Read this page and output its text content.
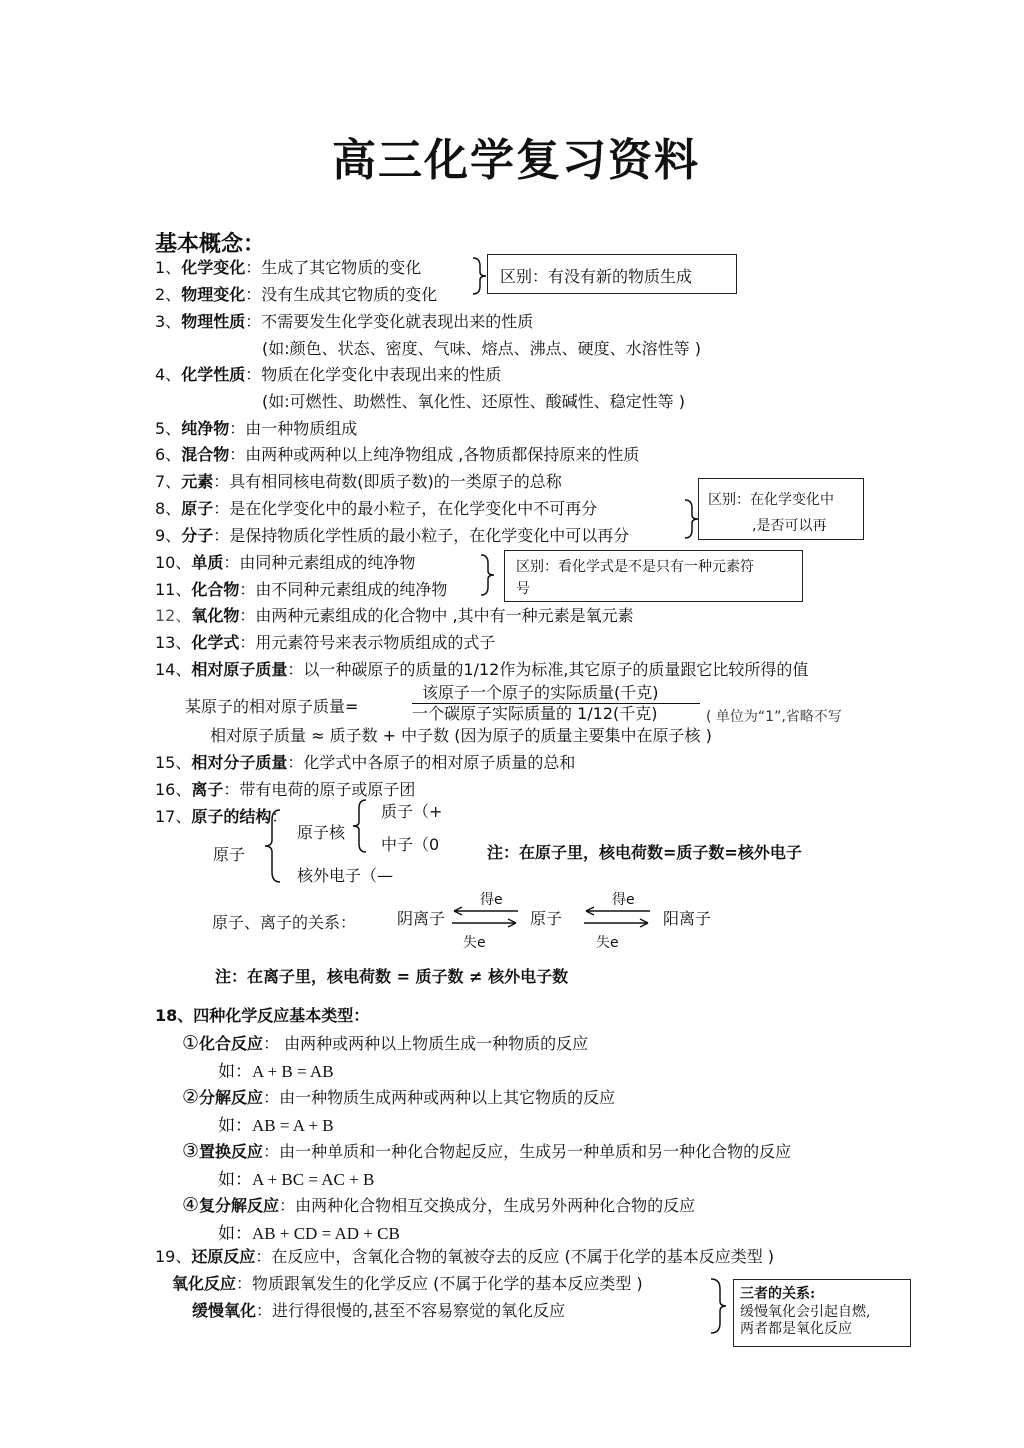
高三化学复习资料
基本概念：
1、化学变化：生成了其它物质的变化
2、物理变化：没有生成其它物质的变化
3、物理性质：不需要发生化学变化就表现出来的性质
(如:颜色、状态、密度、气味、熔点、沸点、硬度、水溶性等 )
4、化学性质：物质在化学变化中表现出来的性质
(如:可燃性、助燃性、氧化性、还原性、酸碱性、稳定性等 )
5、纯净物：由一种物质组成
6、混合物：由两种或两种以上纯净物组成 ,各物质都保持原来的性质
7、元素：具有相同核电荷数(即质子数)的一类原子的总称
8、原子：是在化学变化中的最小粒子，在化学变化中不可再分
9、分子：是保持物质化学性质的最小粒子，在化学变化中可以再分
10、单质：由同种元素组成的纯净物
11、化合物：由不同种元素组成的纯净物
12、氧化物：由两种元素组成的化合物中 ,其中有一种元素是氧元素
13、化学式：用元素符号来表示物质组成的式子
14、相对原子质量：以一种碳原子的质量的1/12作为标准,其它原子的质量跟它比较所得的值
区别：有没有新的物质生成
区别：在化学变化中
,是否可以再
区别：看化学式是不是只有一种元素符
号
某原子的相对原子质量=
该原子一个原子的实际质量(千克)
一个碳原子实际质量的 1/12(千克)	( 单位为“1”,省略不写
相对原子质量 ≈ 质子数 + 中子数 (因为原子的质量主要集中在原子核 )
15、相对分子质量：化学式中各原子的相对原子质量的总和
16、离子：带有电荷的原子或原子团
17、原子的结构：
原子
原子核
质子（+
中子（0
核外电子（—
注：在原子里，核电荷数=质子数=核外电子
原子、离子的关系：	阴离子
得e
失e
原子
得e
失e
阳离子
注：在离子里，核电荷数 = 质子数 ≠ 核外电子数
18、四种化学反应基本类型：
①化合反应： 由两种或两种以上物质生成一种物质的反应
如：A + B = AB
②分解反应：由一种物质生成两种或两种以上其它物质的反应
如：AB = A + B
③置换反应：由一种单质和一种化合物起反应，生成另一种单质和另一种化合物的反应
如：A + BC = AC + B
④复分解反应：由两种化合物相互交换成分，生成另外两种化合物的反应
如：AB + CD = AD + CB
19、还原反应：在反应中，含氧化合物的氧被夺去的反应 (不属于化学的基本反应类型 )
氧化反应：物质跟氧发生的化学反应 (不属于化学的基本反应类型 )
缓慢氧化：进行得很慢的,甚至不容易察觉的氧化反应
三者的关系:
缓慢氧化会引起自燃,
两者都是氧化反应
